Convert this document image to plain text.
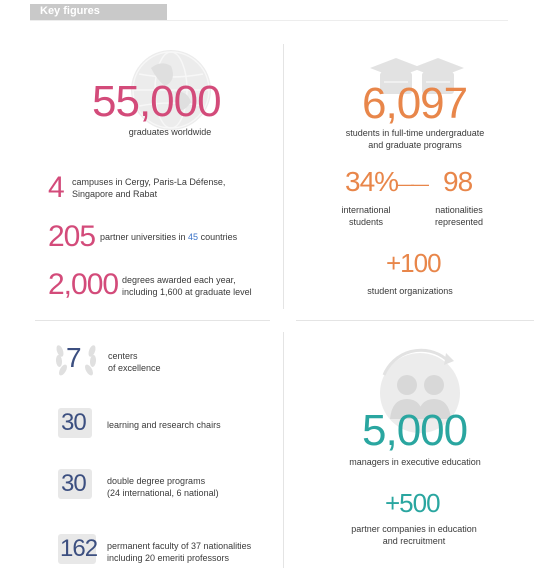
Key figures
55,000
graduates worldwide
4 campuses in Cergy, Paris-La Défense,
Singapore and Rabat
205 partner universities in 45 countries
2,000 degrees awarded each year,
including 1,600 at graduate level
6,097
students in full-time undergraduate
and graduate programs
34%
—— 98
international
students
nationalities
represented
+100
student organizations
7	centers
of excellence
30 learning and research chairs
30 double degree programs
(24 international, 6 national)
162 permanent faculty of 37 nationalities
including 20 emeriti professors
5,000
managers in executive education
+500
partner companies in education
and recruitment
